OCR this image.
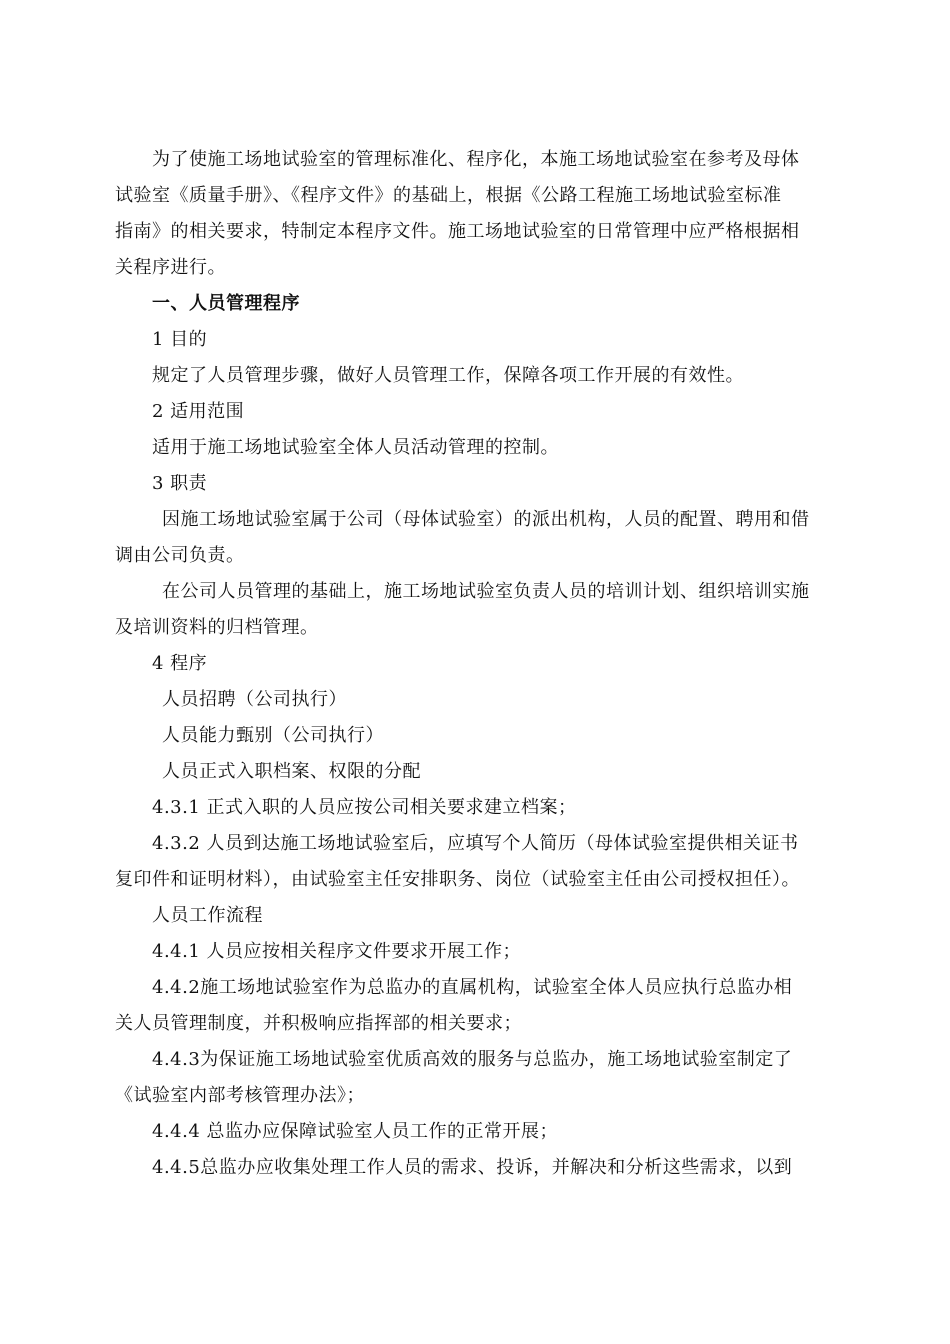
为了使施工场地试验室的管理标准化、程序化，本施工场地试验室在参考及母体
试验室《质量手册》、《程序文件》的基础上，根据《公路工程施工场地试验室标准
指南》的相关要求，特制定本程序文件。施工场地试验室的日常管理中应严格根据相
关程序进行。
一、人员管理程序
1 目的
规定了人员管理步骤，做好人员管理工作，保障各项工作开展的有效性。
2 适用范围
适用于施工场地试验室全体人员活动管理的控制。
3 职责
因施工场地试验室属于公司（母体试验室）的派出机构，人员的配置、聘用和借
调由公司负责。
在公司人员管理的基础上，施工场地试验室负责人员的培训计划、组织培训实施
及培训资料的归档管理。
4 程序
人员招聘（公司执行）
人员能力甄别（公司执行）
人员正式入职档案、权限的分配
4.3.1 正式入职的人员应按公司相关要求建立档案；
4.3.2 人员到达施工场地试验室后，应填写个人简历（母体试验室提供相关证书
复印件和证明材料），由试验室主任安排职务、岗位（试验室主任由公司授权担任）。
人员工作流程
4.4.1 人员应按相关程序文件要求开展工作；
4.4.2施工场地试验室作为总监办的直属机构，试验室全体人员应执行总监办相
关人员管理制度，并积极响应指挥部的相关要求；
4.4.3为保证施工场地试验室优质高效的服务与总监办，施工场地试验室制定了
《试验室内部考核管理办法》；
4.4.4 总监办应保障试验室人员工作的正常开展；
4.4.5总监办应收集处理工作人员的需求、投诉，并解决和分析这些需求，以到
